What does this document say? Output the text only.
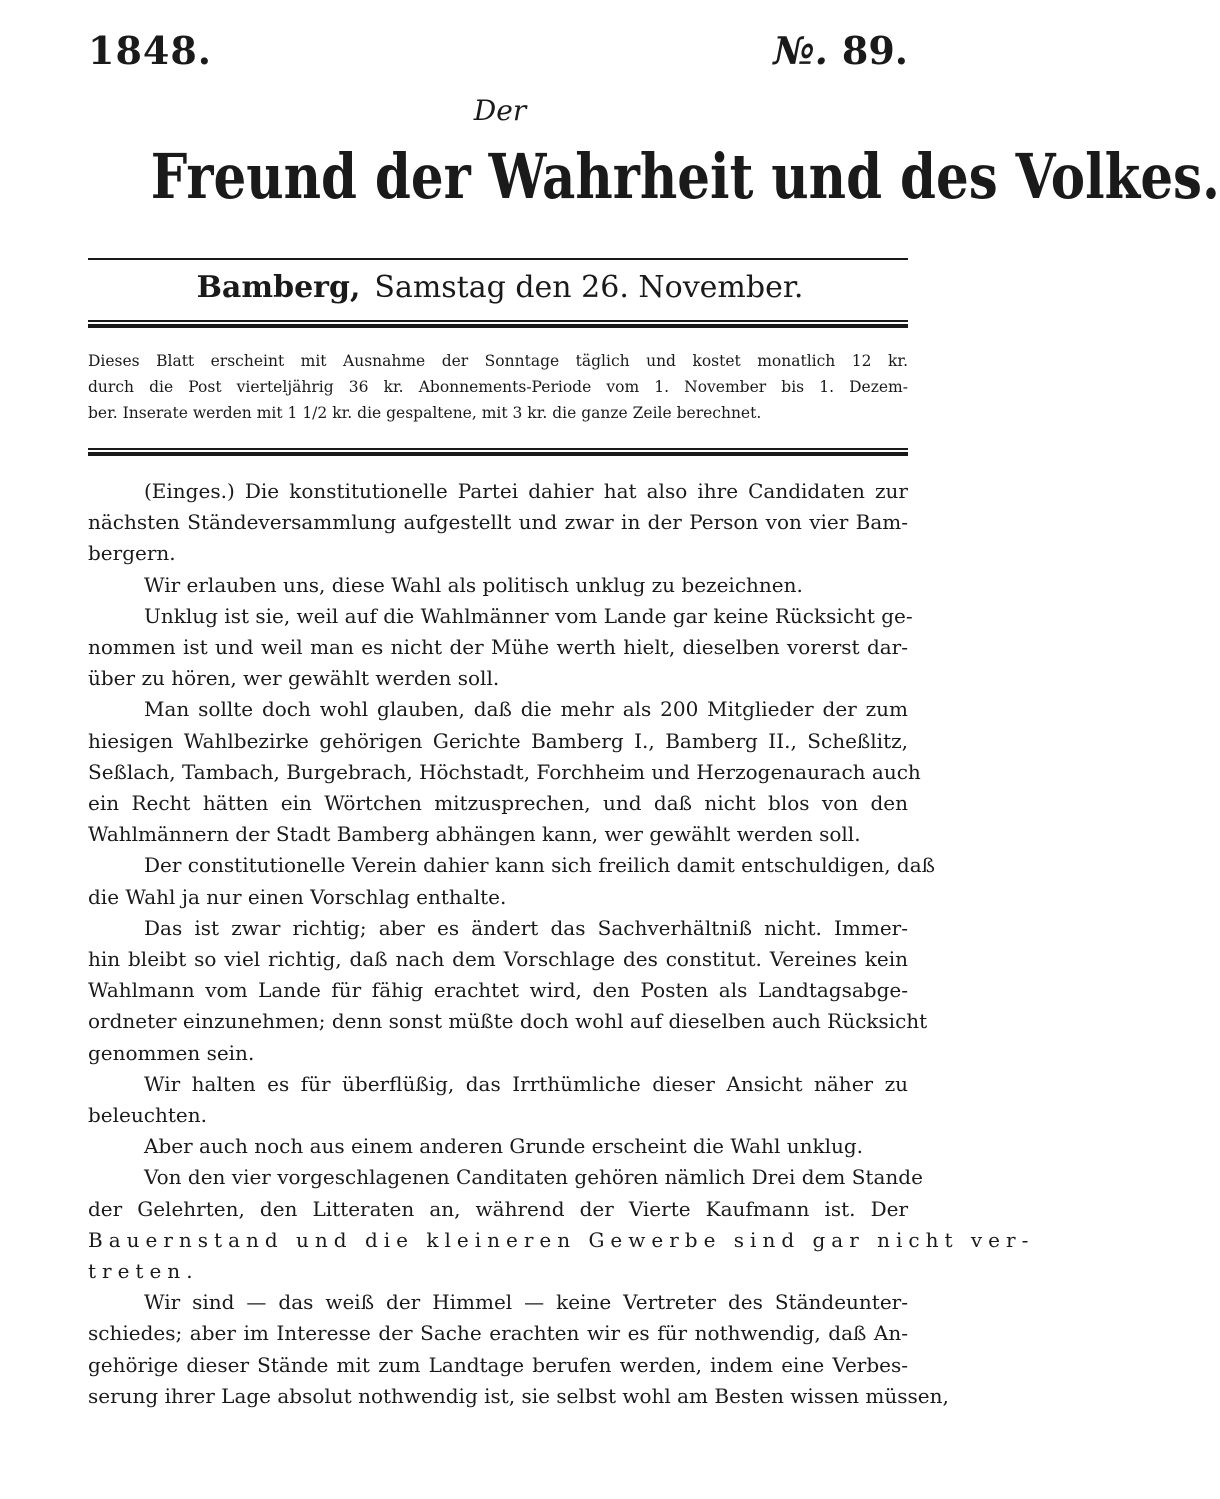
1848.	№. 89.
Der
Freund der Wahrheit und des Volkes.
Bamberg, Samstag den 26. November.
Dieses Blatt erscheint mit Ausnahme der Sonntage täglich und kostet monatlich 12 kr.
durch die Post vierteljährig 36 kr. Abonnements-Periode vom 1. November bis 1. Dezem-
ber. Inserate werden mit 1 1/2 kr. die gespaltene, mit 3 kr. die ganze Zeile berechnet.
(Einges.) Die konstitutionelle Partei dahier hat also ihre Candidaten zur
nächsten Ständeversammlung aufgestellt und zwar in der Person von vier Bam-
bergern.
Wir erlauben uns, diese Wahl als politisch unklug zu bezeichnen.
Unklug ist sie, weil auf die Wahlmänner vom Lande gar keine Rücksicht ge-
nommen ist und weil man es nicht der Mühe werth hielt, dieselben vorerst dar-
über zu hören, wer gewählt werden soll.
Man sollte doch wohl glauben, daß die mehr als 200 Mitglieder der zum
hiesigen Wahlbezirke gehörigen Gerichte Bamberg I., Bamberg II., Scheßlitz,
Seßlach, Tambach, Burgebrach, Höchstadt, Forchheim und Herzogenaurach auch
ein Recht hätten ein Wörtchen mitzusprechen, und daß nicht blos von den
Wahlmännern der Stadt Bamberg abhängen kann, wer gewählt werden soll.
Der constitutionelle Verein dahier kann sich freilich damit entschuldigen, daß
die Wahl ja nur einen Vorschlag enthalte.
Das ist zwar richtig; aber es ändert das Sachverhältniß nicht. Immer-
hin bleibt so viel richtig, daß nach dem Vorschlage des constitut. Vereines kein
Wahlmann vom Lande für fähig erachtet wird, den Posten als Landtagsabge-
ordneter einzunehmen; denn sonst müßte doch wohl auf dieselben auch Rücksicht
genommen sein.
Wir halten es für überflüßig, das Irrthümliche dieser Ansicht näher zu
beleuchten.
Aber auch noch aus einem anderen Grunde erscheint die Wahl unklug.
Von den vier vorgeschlagenen Canditaten gehören nämlich Drei dem Stande
der Gelehrten, den Litteraten an, während der Vierte Kaufmann ist. Der
Bauernstand und die kleineren Gewerbe sind gar nicht ver-
treten.
Wir sind — das weiß der Himmel — keine Vertreter des Ständeunter-
schiedes; aber im Interesse der Sache erachten wir es für nothwendig, daß An-
gehörige dieser Stände mit zum Landtage berufen werden, indem eine Verbes-
serung ihrer Lage absolut nothwendig ist, sie selbst wohl am Besten wissen müssen,
